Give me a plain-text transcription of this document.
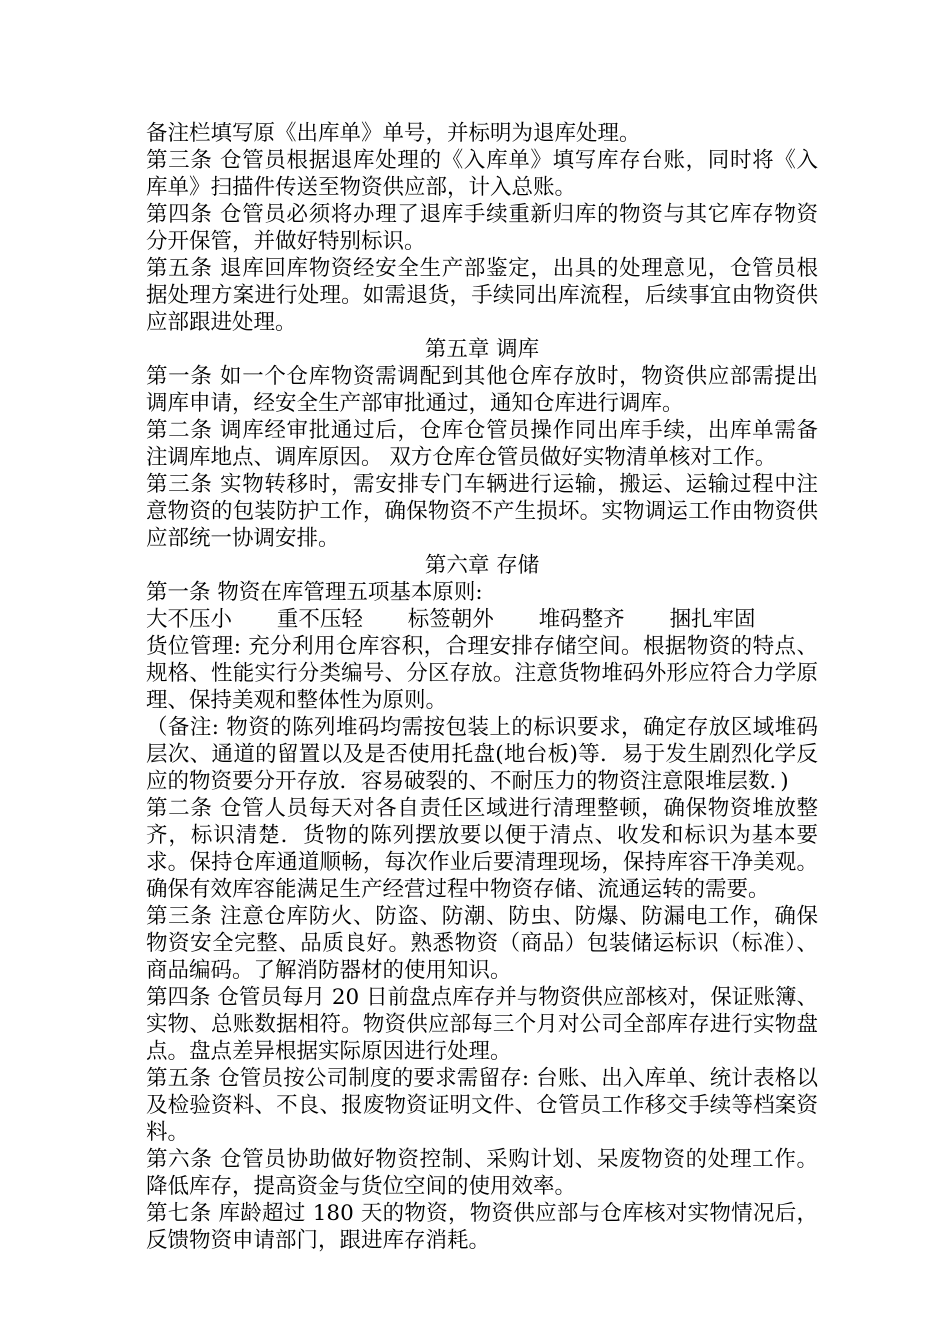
备注栏填写原《出库单》单号，并标明为退库处理。

第三条 仓管员根据退库处理的《入库单》填写库存台账，同时将《入库单》扫描件传送至物资供应部，计入总账。

第四条 仓管员必须将办理了退库手续重新归库的物资与其它库存物资分开保管，并做好特别标识。

第五条 退库回库物资经安全生产部鉴定，出具的处理意见，仓管员根据处理方案进行处理。如需退货，手续同出库流程，后续事宜由物资供应部跟进处理。

第五章 调库

第一条 如一个仓库物资需调配到其他仓库存放时，物资供应部需提出调库申请，经安全生产部审批通过，通知仓库进行调库。

第二条 调库经审批通过后，仓库仓管员操作同出库手续，出库单需备注调库地点、调库原因。 双方仓库仓管员做好实物清单核对工作。

第三条 实物转移时，需安排专门车辆进行运输，搬运、运输过程中注意物资的包装防护工作，确保物资不产生损坏。实物调运工作由物资供应部统一协调安排。

第六章 存储

第一条 物资在库管理五项基本原则:

大不压小 重不压轻 标签朝外 堆码整齐 捆扎牢固

货位管理: 充分利用仓库容积，合理安排存储空间。根据物资的特点、规格、性能实行分类编号、分区存放。注意货物堆码外形应符合力学原理、保持美观和整体性为原则。

（备注: 物资的陈列堆码均需按包装上的标识要求，确定存放区域堆码层次、通道的留置以及是否使用托盘(地台板)等．易于发生剧烈化学反应的物资要分开存放．容易破裂的、不耐压力的物资注意限堆层数．)

第二条 仓管人员每天对各自责任区域进行清理整顿，确保物资堆放整齐，标识清楚．货物的陈列摆放要以便于清点、收发和标识为基本要求。保持仓库通道顺畅，每次作业后要清理现场，保持库容干净美观。确保有效库容能满足生产经营过程中物资存储、流通运转的需要。

第三条 注意仓库防火、防盗、防潮、防虫、防爆、防漏电工作，确保物资安全完整、品质良好。熟悉物资（商品）包装储运标识（标准）、商品编码。了解消防器材的使用知识。

第四条 仓管员每月 20 日前盘点库存并与物资供应部核对，保证账簿、实物、总账数据相符。物资供应部每三个月对公司全部库存进行实物盘点。盘点差异根据实际原因进行处理。

第五条 仓管员按公司制度的要求需留存: 台账、出入库单、统计表格以及检验资料、不良、报废物资证明文件、仓管员工作移交手续等档案资料。

第六条 仓管员协助做好物资控制、采购计划、呆废物资的处理工作。降低库存，提高资金与货位空间的使用效率。

第七条 库龄超过 180 天的物资，物资供应部与仓库核对实物情况后，反馈物资申请部门，跟进库存消耗。
